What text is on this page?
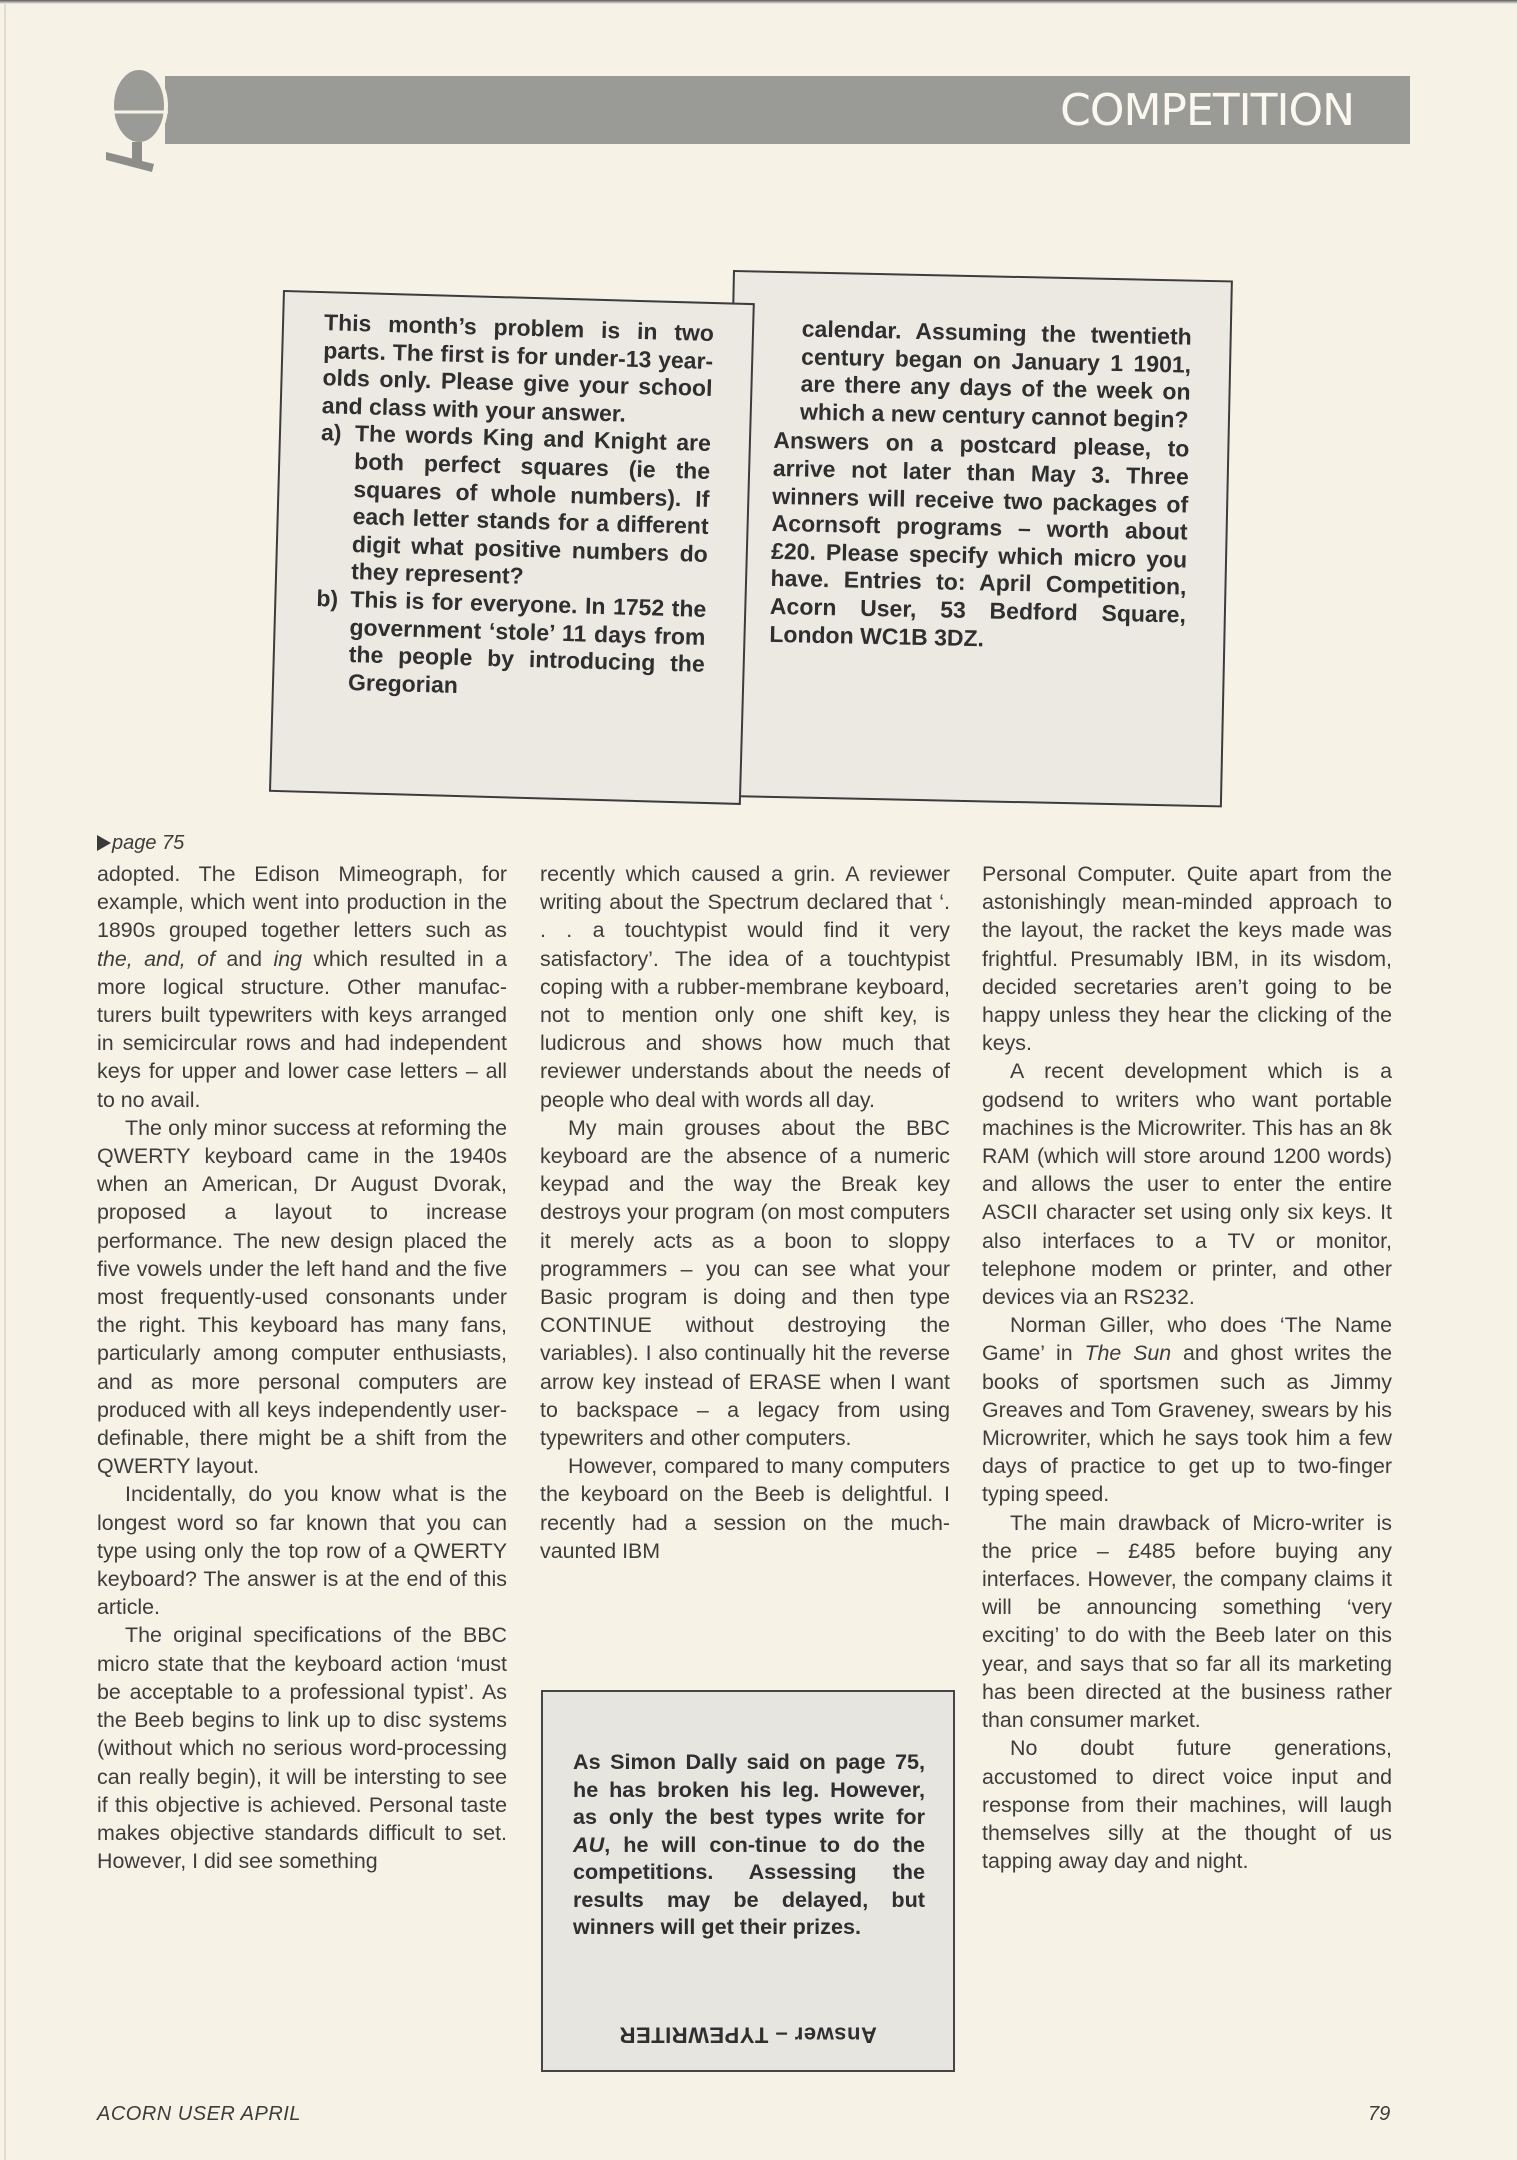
COMPETITION

calendar. Assuming the twentieth century began on January 1 1901, are there any days of the week on which a new century cannot begin?

Answers on a postcard please, to arrive not later than May 3. Three winners will receive two packages of Acornsoft programs – worth about £20. Please specify which micro you have. Entries to: April Competition, Acorn User, 53 Bedford Square, London WC1B 3DZ.

This month’s problem is in two parts. The first is for under-13 year-olds only. Please give your school and class with your answer.

a) The words King and Knight are both perfect squares (ie the squares of whole numbers). If each letter stands for a different digit what positive numbers do they represent?
b) This is for everyone. In 1752 the government ‘stole’ 11 days from the people by introducing the Gregorian
page 75

adopted. The Edison Mimeograph, for example, which went into production in the 1890s grouped together letters such as the, and, of and ing which resulted in a more logical structure. Other manufac-turers built typewriters with keys arranged in semicircular rows and had independent keys for upper and lower case letters – all to no avail.

The only minor success at reforming the QWERTY keyboard came in the 1940s when an American, Dr August Dvorak, proposed a layout to increase performance. The new design placed the five vowels under the left hand and the five most frequently-used consonants under the right. This keyboard has many fans, particularly among computer enthusiasts, and as more personal computers are produced with all keys independently user-definable, there might be a shift from the QWERTY layout.

Incidentally, do you know what is the longest word so far known that you can type using only the top row of a QWERTY keyboard? The answer is at the end of this article.

The original specifications of the BBC micro state that the keyboard action ‘must be acceptable to a professional typist’. As the Beeb begins to link up to disc systems (without which no serious word-processing can really begin), it will be intersting to see if this objective is achieved. Personal taste makes objective standards difficult to set. However, I did see something

recently which caused a grin. A reviewer writing about the Spectrum declared that ‘. . . a touchtypist would find it very satisfactory’. The idea of a touchtypist coping with a rubber-membrane keyboard, not to mention only one shift key, is ludicrous and shows how much that reviewer understands about the needs of people who deal with words all day.

My main grouses about the BBC keyboard are the absence of a numeric keypad and the way the Break key destroys your program (on most computers it merely acts as a boon to sloppy programmers – you can see what your Basic program is doing and then type CONTINUE without destroying the variables). I also continually hit the reverse arrow key instead of ERASE when I want to backspace – a legacy from using typewriters and other computers.

However, compared to many computers the keyboard on the Beeb is delightful. I recently had a session on the much-vaunted IBM

Personal Computer. Quite apart from the astonishingly mean-minded approach to the layout, the racket the keys made was frightful. Presumably IBM, in its wisdom, decided secretaries aren’t going to be happy unless they hear the clicking of the keys.

A recent development which is a godsend to writers who want portable machines is the Microwriter. This has an 8k RAM (which will store around 1200 words) and allows the user to enter the entire ASCII character set using only six keys. It also interfaces to a TV or monitor, telephone modem or printer, and other devices via an RS232.

Norman Giller, who does ‘The Name Game’ in The Sun and ghost writes the books of sportsmen such as Jimmy Greaves and Tom Graveney, swears by his Microwriter, which he says took him a few days of practice to get up to two-finger typing speed.

The main drawback of Micro-writer is the price – £485 before buying any interfaces. However, the company claims it will be announcing something ‘very exciting’ to do with the Beeb later on this year, and says that so far all its marketing has been directed at the business rather than consumer market.

No doubt future generations, accustomed to direct voice input and response from their machines, will laugh themselves silly at the thought of us tapping away day and night.

As Simon Dally said on page 75, he has broken his leg. However, as only the best types write for AU, he will con-tinue to do the competitions. Assessing the results may be delayed, but winners will get their prizes.

Answer – TYPEWRITER
ACORN USER APRIL	79
